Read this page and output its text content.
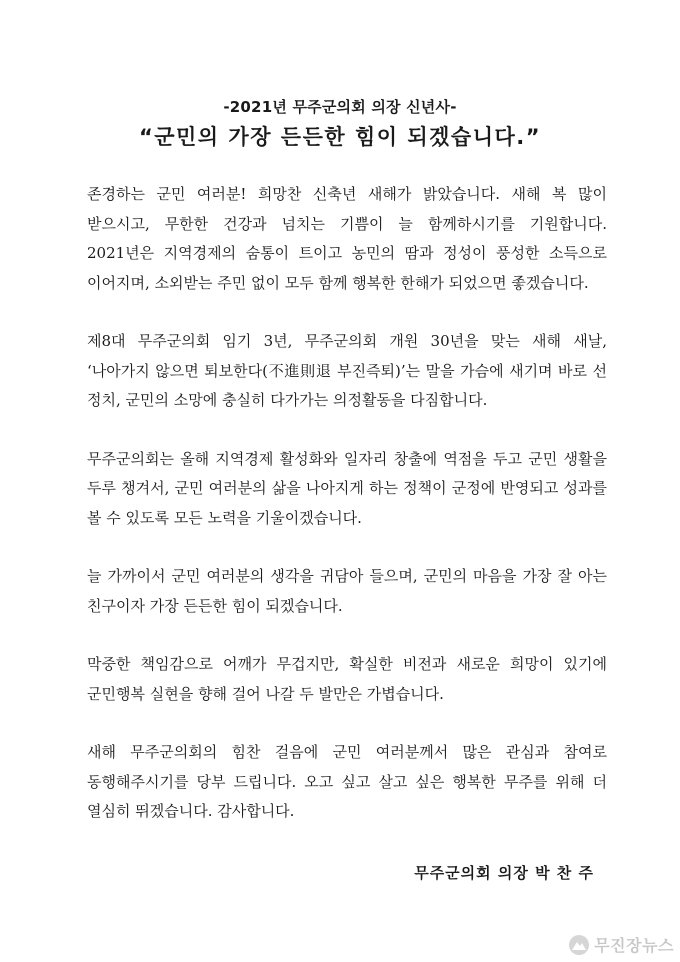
-2021년 무주군의회 의장 신년사-
“군민의 가장 든든한 힘이 되겠습니다.”

존경하는 군민 여러분! 희망찬 신축년 새해가 밝았습니다. 새해 복 많이 받으시고, 무한한 건강과 넘치는 기쁨이 늘 함께하시기를 기원합니다. 2021년은 지역경제의 숨통이 트이고 농민의 땀과 정성이 풍성한 소득으로 이어지며, 소외받는 주민 없이 모두 함께 행복한 한해가 되었으면 좋겠습니다.

제8대 무주군의회 임기 3년, 무주군의회 개원 30년을 맞는 새해 새날, ‘나아가지 않으면 퇴보한다(不進則退 부진즉퇴)’는 말을 가슴에 새기며 바로 선 정치, 군민의 소망에 충실히 다가가는 의정활동을 다짐합니다.

무주군의회는 올해 지역경제 활성화와 일자리 창출에 역점을 두고 군민 생활을 두루 챙겨서, 군민 여러분의 삶을 나아지게 하는 정책이 군정에 반영되고 성과를 볼 수 있도록 모든 노력을 기울이겠습니다.

늘 가까이서 군민 여러분의 생각을 귀담아 들으며, 군민의 마음을 가장 잘 아는 친구이자 가장 든든한 힘이 되겠습니다.

막중한 책임감으로 어깨가 무겁지만, 확실한 비전과 새로운 희망이 있기에 군민행복 실현을 향해 걸어 나갈 두 발만은 가볍습니다.

새해 무주군의회의 힘찬 걸음에 군민 여러분께서 많은 관심과 참여로 동행해주시기를 당부 드립니다. 오고 싶고 살고 싶은 행복한 무주를 위해 더 열심히 뛰겠습니다. 감사합니다.

무주군의회 의장 박 찬 주
무진장뉴스
